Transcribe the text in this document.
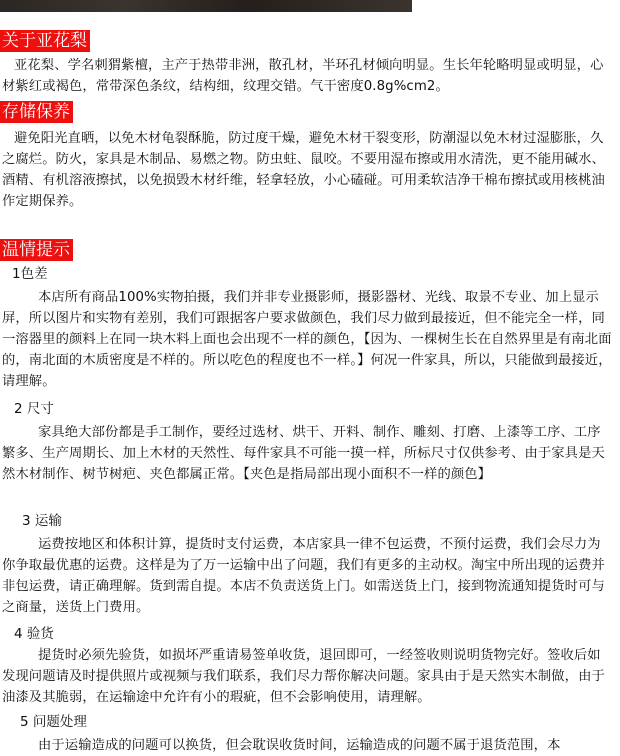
关于亚花梨

亚花梨、学名刺猬紫檀，主产于热带非洲，散孔材，半环孔材倾向明显。生长年轮略明显或明显，心材紫红或褐色，常带深色条纹，结构细，纹理交错。气干密度0.8g%cm2。

存储保养

避免阳光直晒，以免木材龟裂酥脆，防过度干燥，避免木材干裂变形，防潮湿以免木材过湿膨胀，久之腐烂。防火，家具是木制品、易燃之物。防虫蛀、鼠咬。不要用湿布擦或用水清洗，更不能用碱水、酒精、有机溶液擦拭，以免损毁木材纤维，轻拿轻放，小心磕碰。可用柔软洁净干棉布擦拭或用核桃油作定期保养。

温情提示
1色差

本店所有商品100%实物拍摄，我们并非专业摄影师，摄影器材、光线、取景不专业、加上显示屏，所以图片和实物有差别，我们可跟据客户要求做颜色，我们尽力做到最接近，但不能完全一样，同一溶器里的颜料上在同一块木料上面也会出现不一样的颜色，【因为、一棵树生长在自然界里是有南北面的，南北面的木质密度是不样的。所以吃色的程度也不一样。】何况一件家具，所以，只能做到最接近，请理解。

2 尺寸

家具绝大部份都是手工制作，要经过选材、烘干、开料、制作、雕刻、打磨、上漆等工序、工序繁多、生产周期长、加上木材的天然性、每件家具不可能一摸一样，所标尺寸仅供参考、由于家具是天然木材制作、树节树疤、夹色都属正常。【夹色是指局部出现小面积不一样的颜色】

3 运输

运费按地区和体积计算，提货时支付运费，本店家具一律不包运费，不预付运费，我们会尽力为你争取最优惠的运费。这样是为了万一运输中出了问题，我们有更多的主动权。淘宝中所出现的运费并非包运费，请正确理解。货到需自提。本店不负责送货上门。如需送货上门，接到物流通知提货时可与之商量，送货上门费用。

4 验货

提货时必须先验货，如损坏严重请易签单收货，退回即可，一经签收则说明货物完好。签收后如发现问题请及时提供照片或视频与我们联系，我们尽力帮你解决问题。家具由于是天然实木制做，由于油漆及其脆弱，在运输途中允许有小的瑕疵，但不会影响使用，请理解。

5 问题处理

由于运输造成的问题可以换货，但会耽误收货时间，运输造成的问题不属于退货范围，本
